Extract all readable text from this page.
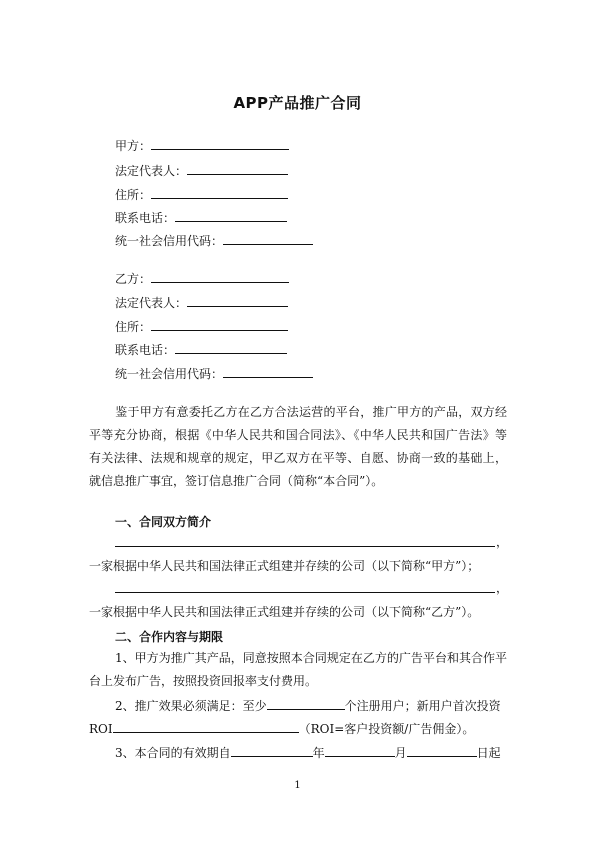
APP产品推广合同
甲方：
法定代表人：
住所：
联系电话：
统一社会信用代码：
乙方：
法定代表人：
住所：
联系电话：
统一社会信用代码：
鉴于甲方有意委托乙方在乙方合法运营的平台，推广甲方的产品，双方经平等充分协商，根据《中华人民共和国合同法》、《中华人民共和国广告法》等有关法律、法规和规章的规定，甲乙双方在平等、自愿、协商一致的基础上，就信息推广事宜，签订信息推广合同（简称“本合同”）。
一、合同双方简介
，
一家根据中华人民共和国法律正式组建并存续的公司（以下简称“甲方”）；
，
一家根据中华人民共和国法律正式组建并存续的公司（以下简称“乙方”）。
二、合作内容与期限
1、甲方为推广其产品，同意按照本合同规定在乙方的广告平台和其合作平台上发布广告，按照投资回报率支付费用。
2、推广效果必须满足：至少	个注册用户；新用户首次投资
ROI	（ROI=客户投资额/广告佣金）。
3、本合同的有效期自	年	月	日起
1
